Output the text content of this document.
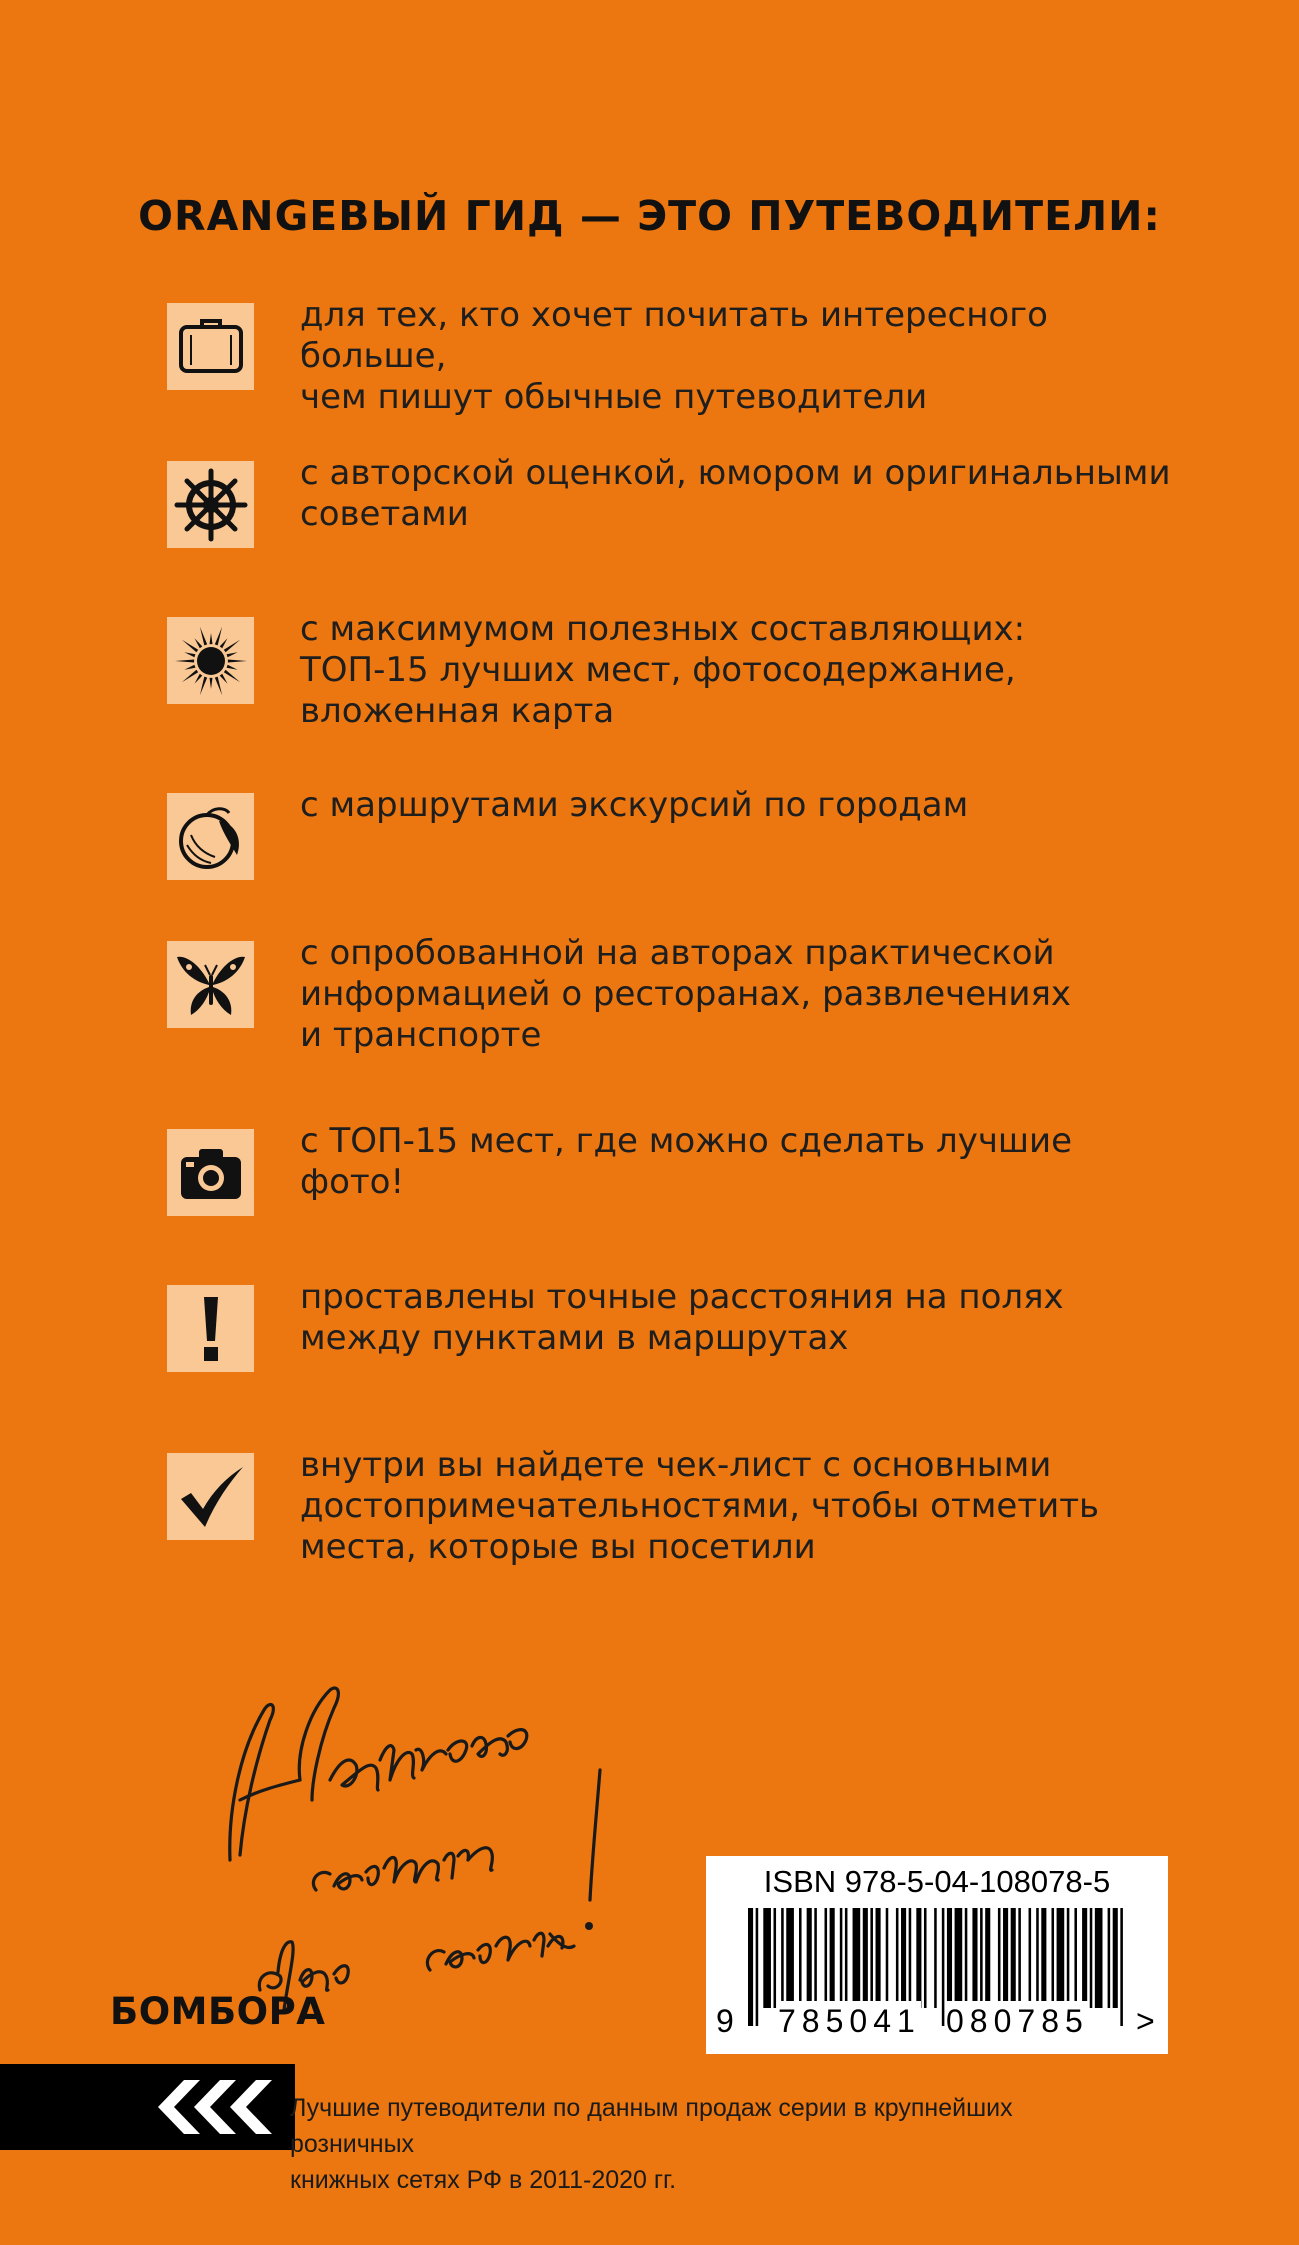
ORANGEВЫЙ ГИД — ЭТО ПУТЕВОДИТЕЛИ:
для тех, кто хочет почитать интересного больше,
чем пишут обычные путеводители
с авторской оценкой, юмором и оригинальными
советами
с максимумом полезных составляющих:
ТОП-15 лучших мест, фотосодержание,
вложенная карта
с маршрутами экскурсий по городам
с опробованной на авторах практической
информацией о ресторанах, развлечениях
и транспорте
с ТОП-15 мест, где можно сделать лучшие фото!
проставлены точные расстояния на полях
между пунктами в маршрутах
внутри вы найдете чек-лист с основными
достопримечательностями, чтобы отметить
места, которые вы посетили
БОМБОРА
ISBN 978-5-04-108078-5
9 785041 080785 >
Лучшие путеводители по данным продаж серии в крупнейших розничных
книжных сетях РФ в 2011-2020 гг.
